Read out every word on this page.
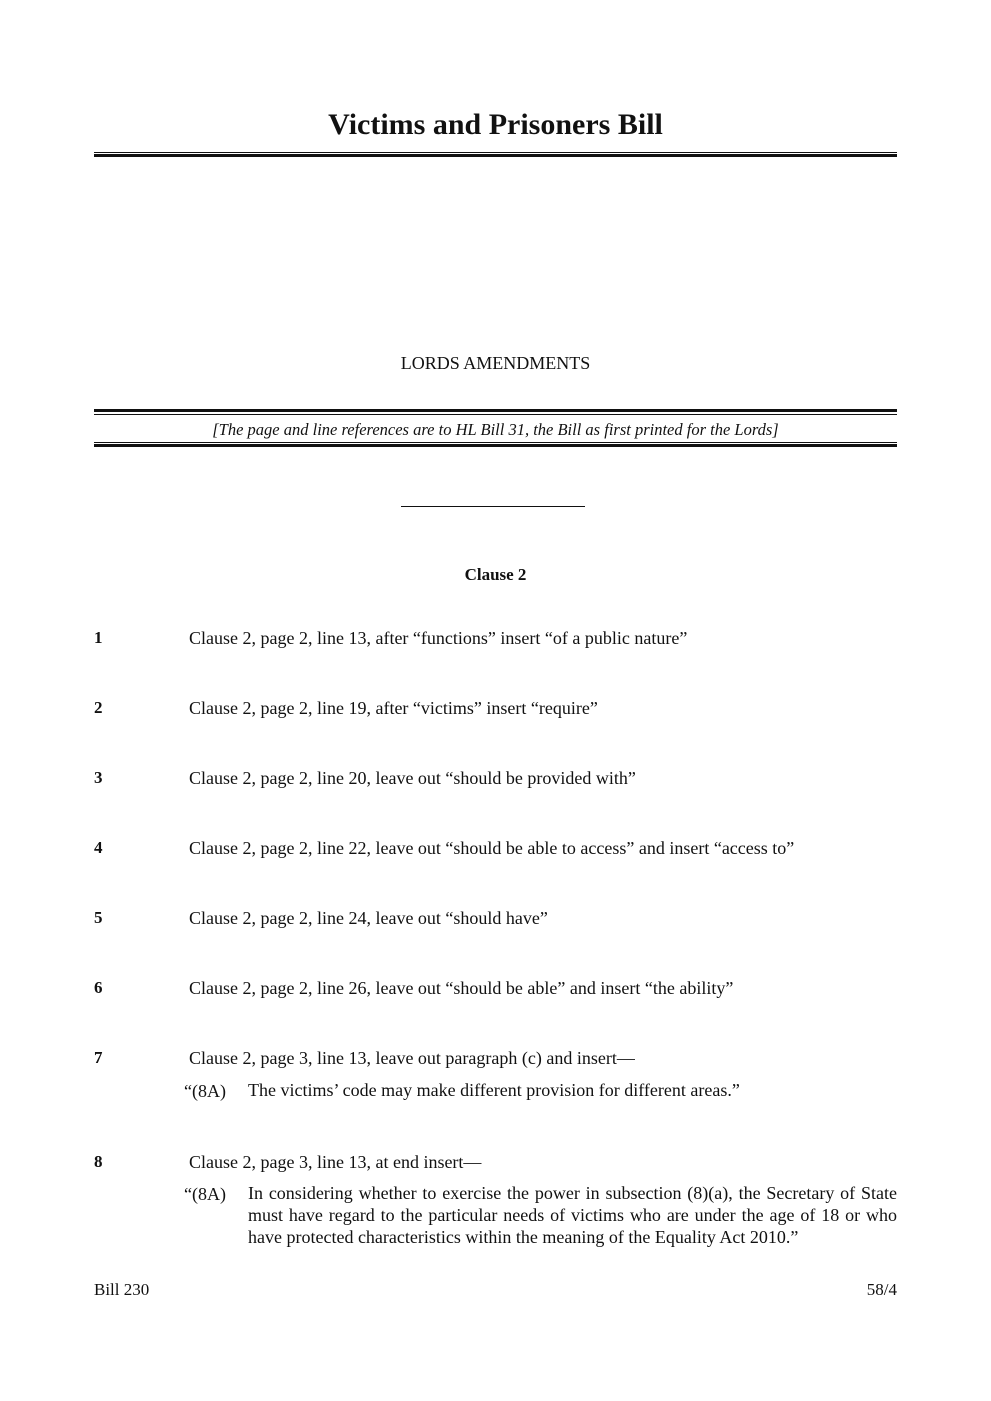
Victims and Prisoners Bill
LORDS AMENDMENTS
[The page and line references are to HL Bill 31, the Bill as first printed for the Lords]
Clause 2
1	Clause 2, page 2, line 13, after “functions” insert “of a public nature”
2	Clause 2, page 2, line 19, after “victims” insert “require”
3	Clause 2, page 2, line 20, leave out “should be provided with”
4	Clause 2, page 2, line 22, leave out “should be able to access” and insert “access to”
5	Clause 2, page 2, line 24, leave out “should have”
6	Clause 2, page 2, line 26, leave out “should be able” and insert “the ability”
7	Clause 2, page 3, line 13, leave out paragraph (c) and insert—
“(8A) The victims’ code may make different provision for different areas.”
8	Clause 2, page 3, line 13, at end insert—
“(8A) In considering whether to exercise the power in subsection (8)(a), the Secretary of State must have regard to the particular needs of victims who are under the age of 18 or who have protected characteristics within the meaning of the Equality Act 2010.”
Bill 230	58/4
